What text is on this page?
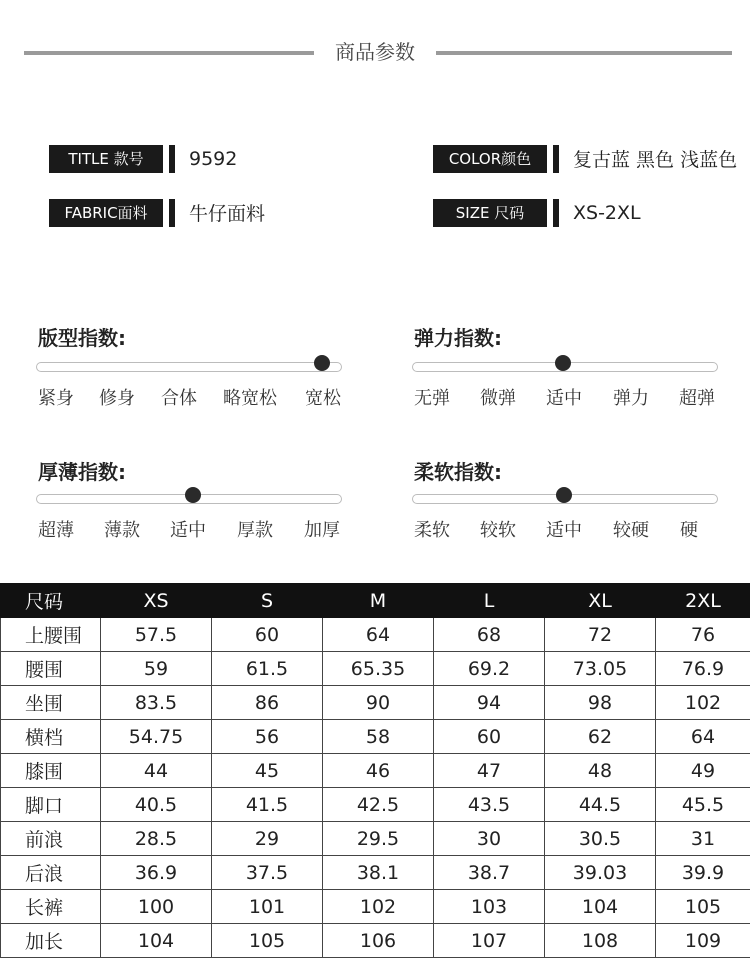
商品参数
TITLE 款号	9592
FABRIC面料	牛仔面料
COLOR颜色	复古蓝 黑色 浅蓝色
SIZE 尺码	XS-2XL
版型指数:
紧身 修身 合体 略宽松 宽松
弹力指数:
无弹 微弹 适中 弹力 超弹
厚薄指数:
超薄 薄款 适中 厚款 加厚
柔软指数:
柔软 较软 适中 较硬 硬
尺码	XS	S	M	L	XL	2XL
上腰围	57.5	60	64	68	72	76
腰围	59	61.5	65.35	69.2	73.05	76.9
坐围	83.5	86	90	94	98	102
横档	54.75	56	58	60	62	64
膝围	44	45	46	47	48	49
脚口	40.5	41.5	42.5	43.5	44.5	45.5
前浪	28.5	29	29.5	30	30.5	31
后浪	36.9	37.5	38.1	38.7	39.03	39.9
长裤	100	101	102	103	104	105
加长	104	105	106	107	108	109
